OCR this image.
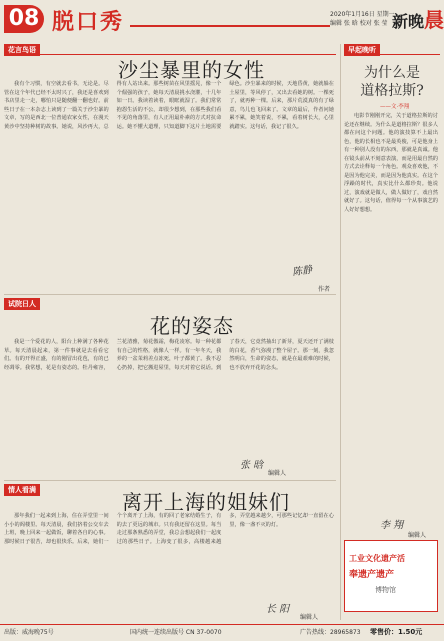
08 脱口秀	2020年1月16日 星期一
编辑 张 晗 校对 张 莹 新晚晨
花言鸟语
沙尘暴里的女性
我有个习惯，有空就去看书，无论是。尽管在这个年代已经不太时兴了，我还是喜欢到书店里走一走，哪怕只是随便翻一翻也好。前些日子在一本杂志上读到了一篇关于沙尘暴的文章，写的是西北一位普通农家女性，在漫天黄沙中坚持种树的故事。她说，风沙再大，总得有人站出来。那些树苗在风里摇晃，像一个个倔强的孩子，她每天清晨挑水浇灌，十几年如一日。我读着读着，眼眶就湿了。我们常常抱怨生活的不公，却很少想到，在那些我们看不见的角落里，有人正用最朴素的方式对抗命运。她不懂大道理，只知道脚下这片土地需要绿色。沙尘暴来的时候，天地昏黄，她就躲在土屋里，等风停了，又出去看她的树。一棵死了，就再种一棵。后来，那片荒漠真的有了绿意，鸟儿也飞回来了。文章的最后，作者问她累不累，她笑着说，不累，看着树长大，心里就踏实。这句话，我记了很久。
陈静
作者
试院日人
花的姿态
我是一个爱花的人，阳台上种满了各种花草。每天清晨起来，第一件事就是去看看它们。有的开得正盛，有的刚冒出花苞，有的已经凋零。我常想，花是有姿态的。牡丹雍容，兰花清雅，菊花傲霜，梅花凌寒。每一种花都有自己的性格，就像人一样。有一年冬天，我养的一盆茉莉差点冻死，叶子都黄了。我不忍心扔掉，把它搬进屋里，每天对着它说话。到了春天，它竟然抽出了新芽，夏天还开了满枝的白花，香气弥漫了整个屋子。那一刻，我忽然明白，生命的姿态，就是在最艰难的时候，也不放弃开花的念头。
张 晗
编辑人
情人看满	离开上海的姐妹们
那年我们一起来到上海，住在弄堂里一间小小的阁楼里。每天清晨，我们挤着公交车去上班，晚上回来一起做饭，聊着各自的心事。那时候日子很苦，却也很快乐。后来，她们一个个离开了上海，有的回了老家结婚生子，有的去了更远的城市。只有我还留在这里。每当走过那条熟悉的弄堂，我总会想起我们一起度过的那些日子。上海变了很多，高楼越来越多，弄堂越来越少，可那些记忆却一直留在心里，像一盏不灭的灯。
长 阳
编辑人
早起晚听
为什么是
道格拉斯?
——文·李翔
电影节刚刚开完，关于道格拉斯的讨论还在继续。为什么是道格拉斯？很多人都在问这个问题。他的演技算不上最出色，他的长相也不是最英俊，可是他身上有一种别人没有的东西，那就是真诚。他在镜头前从不刻意表演，而是用最自然的方式去诠释每一个角色。观众喜欢他，不是因为他完美，而是因为他真实。在这个浮躁的时代，真实比什么都珍贵。他说过，演戏就是做人，做人做好了，戏自然就好了。这句话，值得每一个从事演艺的人好好想想。
李 翔
编辑人
工业文化遗产活
奉遗产遗产
博物馆
出版：威海晚75号	国内统一连续出版号 CN 37-0070	广告热线：28965873 零售价：1.50元
